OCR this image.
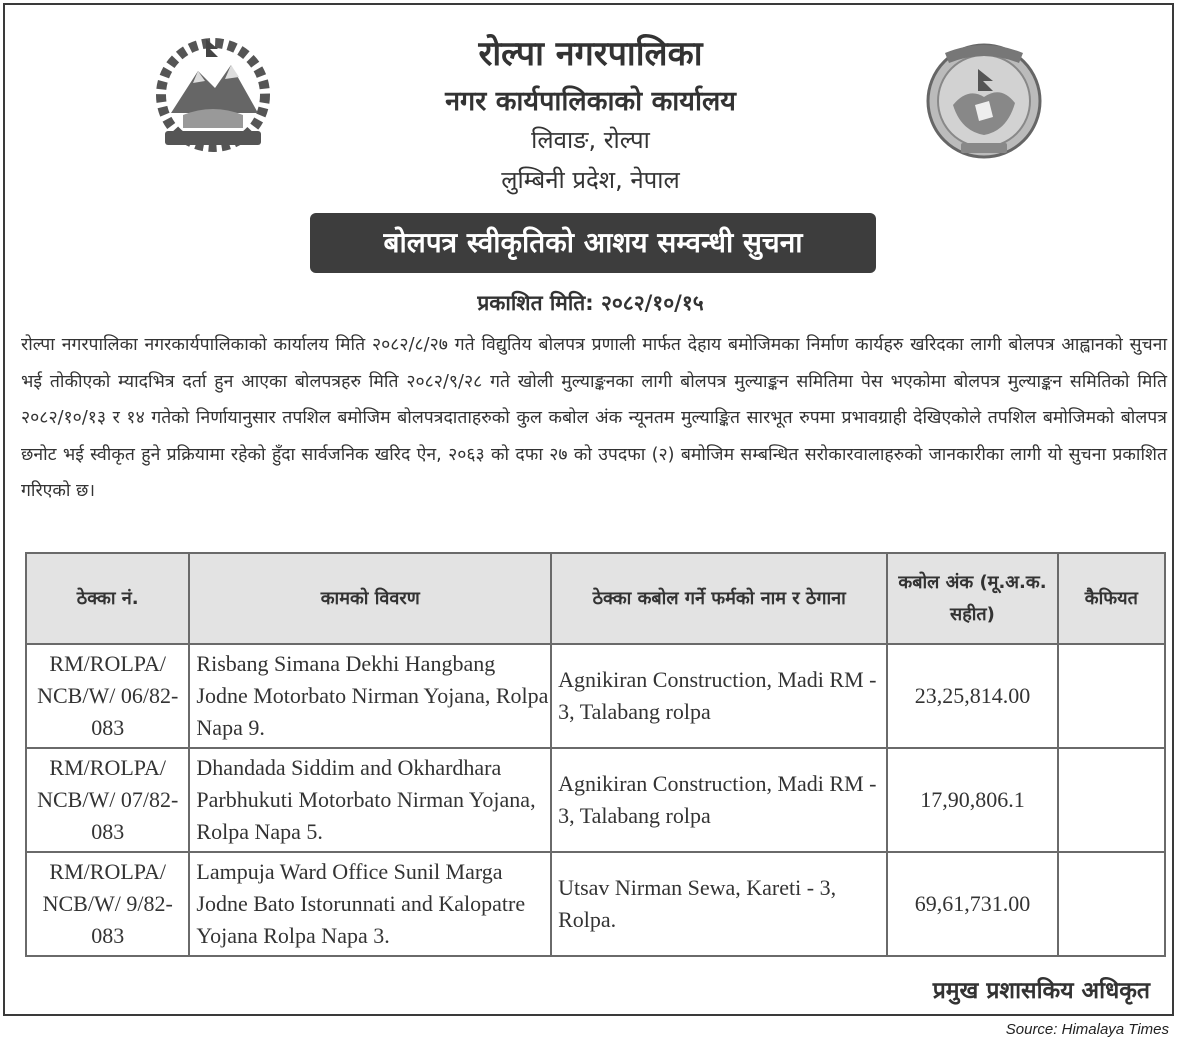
रोल्पा नगरपालिका
नगर कार्यपालिकाको कार्यालय
लिवाङ, रोल्पा
लुम्बिनी प्रदेश, नेपाल
बोलपत्र स्वीकृतिको आशय सम्वन्धी सुचना
प्रकाशित मिति: २०८२/१०/१५
रोल्पा नगरपालिका नगरकार्यपालिकाको कार्यालय मिति २०८२/८/२७ गते विद्युतिय बोलपत्र प्रणाली मार्फत देहाय बमोजिमका निर्माण कार्यहरु खरिदका लागी बोलपत्र आह्वानको सुचना भई तोकीएको म्यादभित्र दर्ता हुन आएका बोलपत्रहरु मिति २०८२/९/२८ गते खोली मुल्याङ्कनका लागी बोलपत्र मुल्याङ्कन समितिमा पेस भएकोमा बोलपत्र मुल्याङ्कन समितिको मिति २०८२/१०/१३ र १४ गतेको निर्णायानुसार तपशिल बमोजिम बोलपत्रदाताहरुको कुल कबोल अंक न्यूनतम मुल्याङ्कित सारभूत रुपमा प्रभावग्राही देखिएकोले तपशिल बमोजिमको बोलपत्र छनोट भई स्वीकृत हुने प्रक्रियामा रहेको हुँदा सार्वजनिक खरिद ऐन, २०६३ को दफा २७ को उपदफा (२) बमोजिम सम्बन्धित सरोकारवालाहरुको जानकारीका लागी यो सुचना प्रकाशित गरिएको छ।
ठेक्का नं.	कामको विवरण	ठेक्का कबोल गर्ने फर्मको नाम र ठेगाना	कबोल अंक (मू.अ.क. सहीत)	कैफियत
RM/ROLPA/ NCB/W/ 06/82-083	Risbang Simana Dekhi Hangbang Jodne Motorbato Nirman Yojana, Rolpa Napa 9.	Agnikiran Construction, Madi RM - 3, Talabang rolpa	23,25,814.00	
RM/ROLPA/ NCB/W/ 07/82-083	Dhandada Siddim and Okhardhara Parbhukuti Motorbato Nirman Yojana, Rolpa Napa 5.	Agnikiran Construction, Madi RM - 3, Talabang rolpa	17,90,806.1	
RM/ROLPA/ NCB/W/ 9/82-083	Lampuja Ward Office Sunil Marga Jodne Bato Istorunnati and Kalopatre Yojana Rolpa Napa 3.	Utsav Nirman Sewa, Kareti - 3, Rolpa.	69,61,731.00	
प्रमुख प्रशासकिय अधिकृत
Source: Himalaya Times
